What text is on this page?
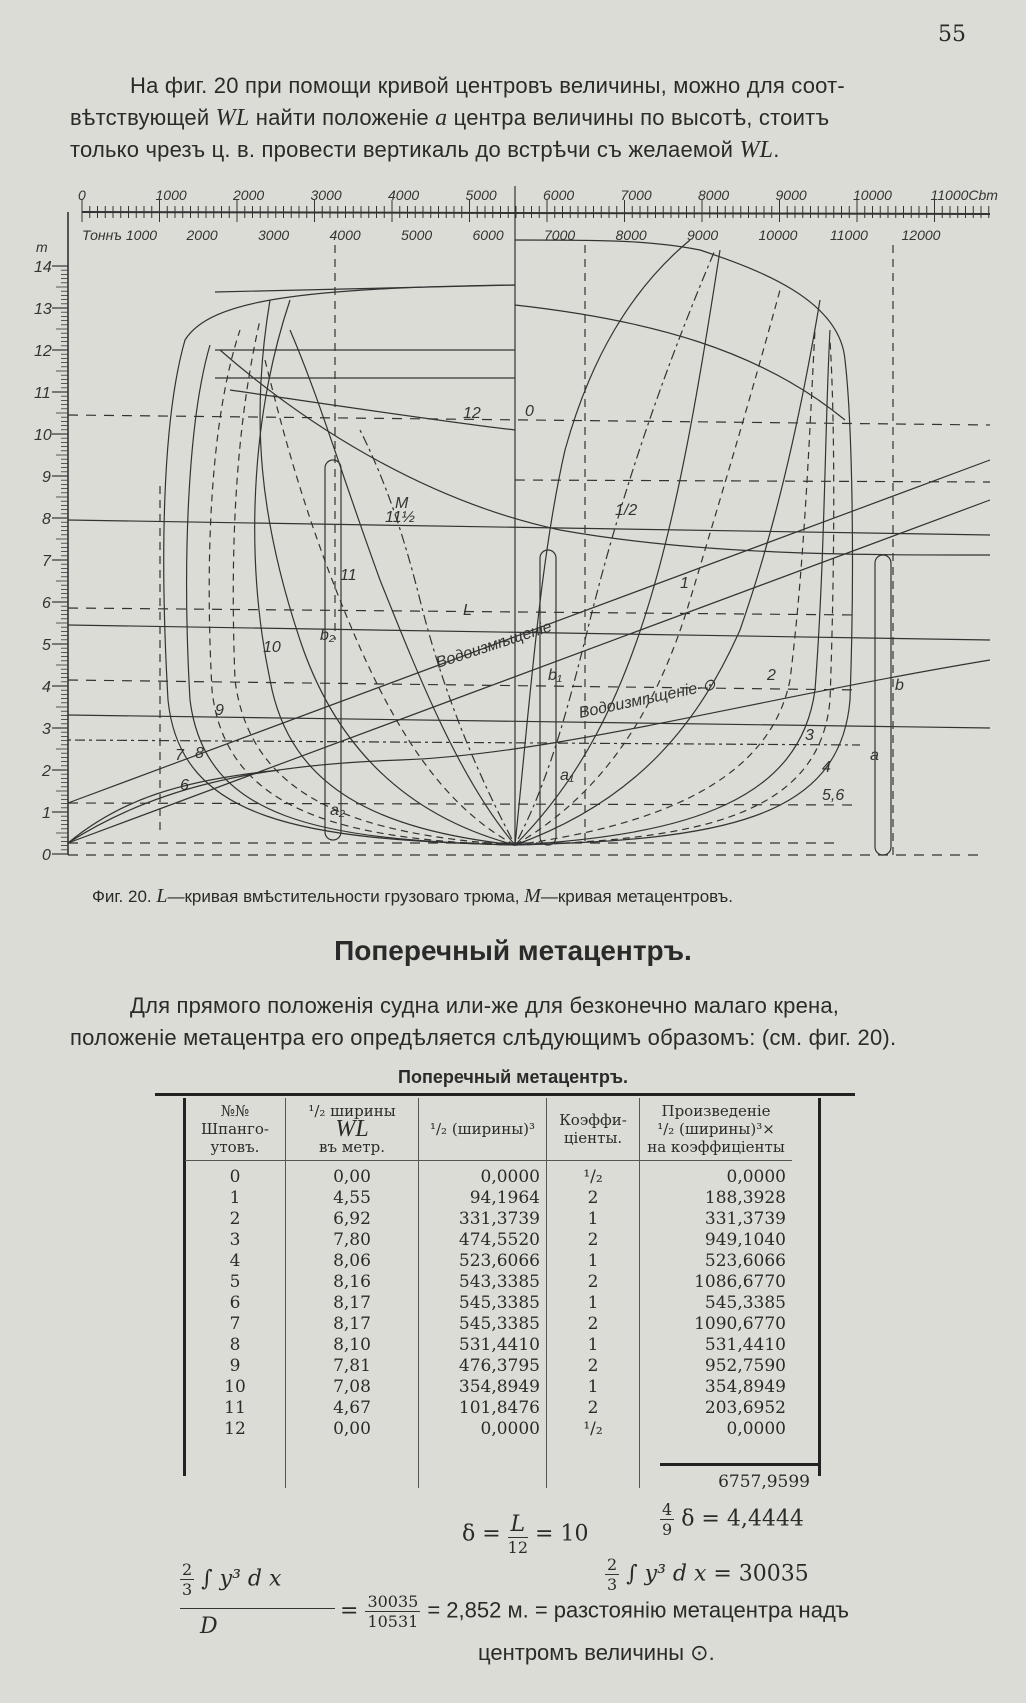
55
На фиг. 20 при помощи кривой центровъ величины, можно для соот-
вѣтствующей WL найти положенiе a центра величины по высотѣ, стоитъ
только чрезъ ц. в. провести вертикаль до встрѣчи съ желаемой WL.
0	1000	2000	3000	4000	5000	6000	7000	8000	9000	10000	11000Cbm
Тоннъ 1000 2000	3000	4000	5000	6000	7000	8000	9000	10000 11000 12000
14
13
12
11
10
9
8
7
6
5
4
3
2
1
0
m
12	0
M
11½	1/2
11
L
Водоизмѣщенiе
Водоизмѣщенiе-⊙
1
2
3
4
5,6
10
9
7 8
6
b₂
b₁
a₂
a₁
a
b
Фиг. 20. L—кривая вмѣстительности грузоваго трюма, M—кривая метацентровъ.
Поперечный метацентръ.
Для прямого положенiя судна или-же для безконечно малаго крена,
положенiе метацентра его опредѣляется слѣдующимъ образомъ: (см. фиг. 20).
Поперечный метацентръ.
№№
Шпанго-
утовъ.

¹/₂ ширины
WL
въ метр.

¹/₂ (ширины)³	Коэффи-
цiенты.

Произведенiе
¹/₂ (ширины)³×
на коэффицiенты

0	0,00	0,0000	¹/₂	0,0000
1	4,55	94,1964	2	188,3928
2	6,92	331,3739	1	331,3739
3	7,80	474,5520	2	949,1040
4	8,06	523,6066	1	523,6066
5	8,16	543,3385	2	1086,6770
6	8,17	545,3385	1	545,3385
7	8,17	545,3385	2	1090,6770
8	8,10	531,4410	1	531,4410
9	7,81	476,3795	2	952,7590
10	7,08	354,8949	1	354,8949
11	4,67	101,8476	2	203,6952
12	0,00	0,0000	¹/₂	0,0000

6757,9599
ẟ = $\frac{L}{12} = 10$	$\frac{4}{9}$ ẟ = 4,4444
$\frac{2}{3}$ ∫ y³ d x = 30035
$\frac{2}{3}$ ∫ y³ d x
D
= $\frac{30035}{10531} = 2,852$ м. = разстоянiю метацентра надъ
центромъ величины ⊙.
